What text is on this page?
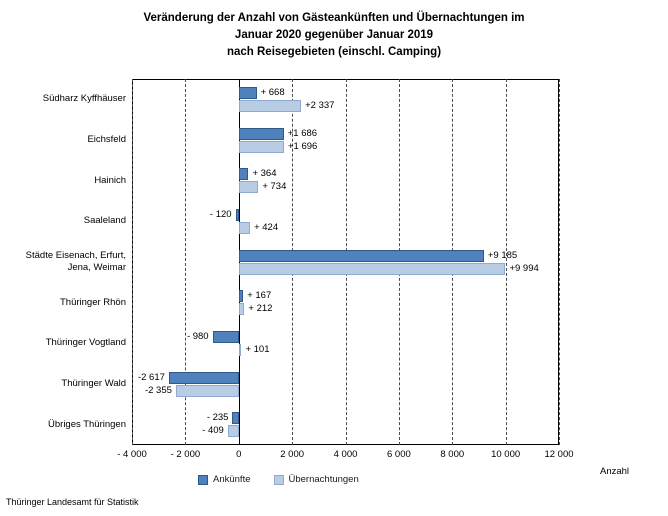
Veränderung der Anzahl von Gästeankünften und Übernachtungen im
Januar 2020 gegenüber Januar 2019
nach Reisegebieten (einschl. Camping)
+ 668
+2 337
+1 686
+1 696
+ 364
+ 734
- 120
+ 424
+9 185
+9 994
+ 167
+ 212
- 980
+ 101
-2 617
-2 355
- 235
- 409
Südharz Kyffhäuser
Eichsfeld
Hainich
Saaleland
Städte Eisenach, Erfurt,
Jena, Weimar
Thüringer Rhön
Thüringer Vogtland
Thüringer Wald
Übriges Thüringen
- 4 000	- 2 000	0	2 000	4 000	6 000	8 000	10 000	12 000
Anzahl
Ankünfte	Übernachtungen
Thüringer Landesamt für Statistik
